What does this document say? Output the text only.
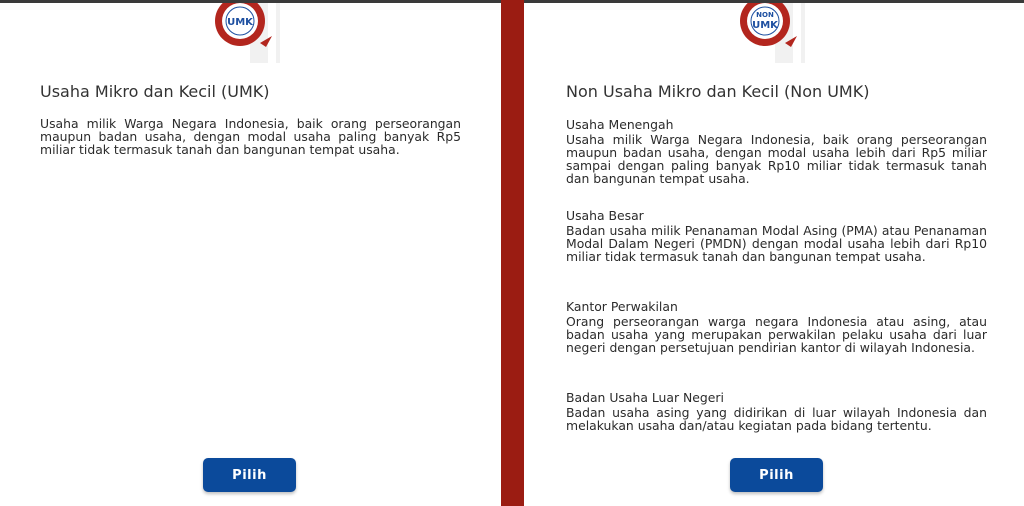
UMK
Usaha Mikro dan Kecil (UMK)

Usaha milik Warga Negara Indonesia, baik orang perseorangan maupun badan usaha, dengan modal usaha paling banyak Rp5 miliar tidak termasuk tanah dan bangunan tempat usaha.

Pilih
NON
UMK
Non Usaha Mikro dan Kecil (Non UMK)

Usaha Menengah

Usaha milik Warga Negara Indonesia, baik orang perseorangan maupun badan usaha, dengan modal usaha lebih dari Rp5 miliar sampai dengan paling banyak Rp10 miliar tidak termasuk tanah dan bangunan tempat usaha.

Usaha Besar

Badan usaha milik Penanaman Modal Asing (PMA) atau Penanaman Modal Dalam Negeri (PMDN) dengan modal usaha lebih dari Rp10 miliar tidak termasuk tanah dan bangunan tempat usaha.

Kantor Perwakilan

Orang perseorangan warga negara Indonesia atau asing, atau badan usaha yang merupakan perwakilan pelaku usaha dari luar negeri dengan persetujuan pendirian kantor di wilayah Indonesia.

Badan Usaha Luar Negeri

Badan usaha asing yang didirikan di luar wilayah Indonesia dan melakukan usaha dan/atau kegiatan pada bidang tertentu.

Pilih
